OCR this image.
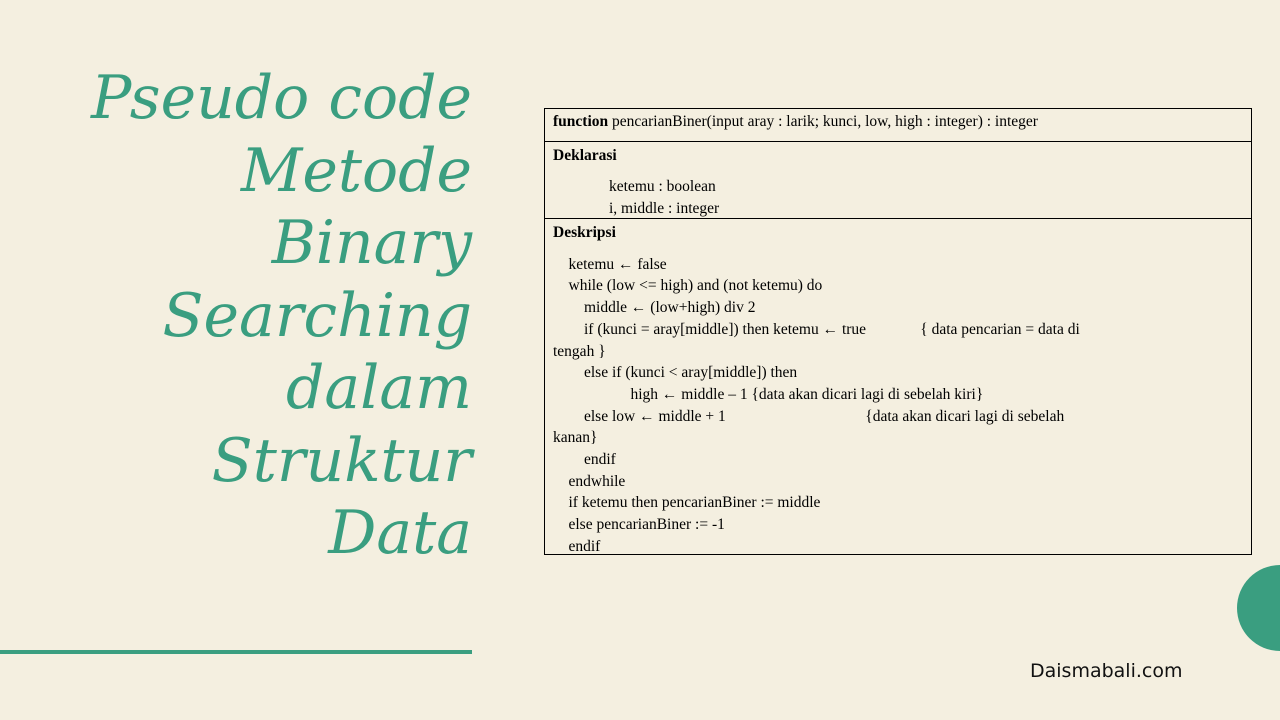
Pseudo code
Metode
Binary
Searching
dalam
Struktur
Data
function pencarianBiner(input aray : larik; kunci, low, high : integer) : integer
Deklarasi
ketemu : boolean
i, middle : integer
Deskripsi
ketemu ← false
while (low <= high) and (not ketemu) do
middle ← (low+high) div 2
if (kunci = aray[middle]) then ketemu ← true              { data pencarian = data di
tengah }
else if (kunci < aray[middle]) then
high ← middle – 1 {data akan dicari lagi di sebelah kiri}
else low ← middle + 1                                    {data akan dicari lagi di sebelah
kanan}
endif
endwhile
if ketemu then pencarianBiner := middle
else pencarianBiner := -1
endif
Daismabali.com
